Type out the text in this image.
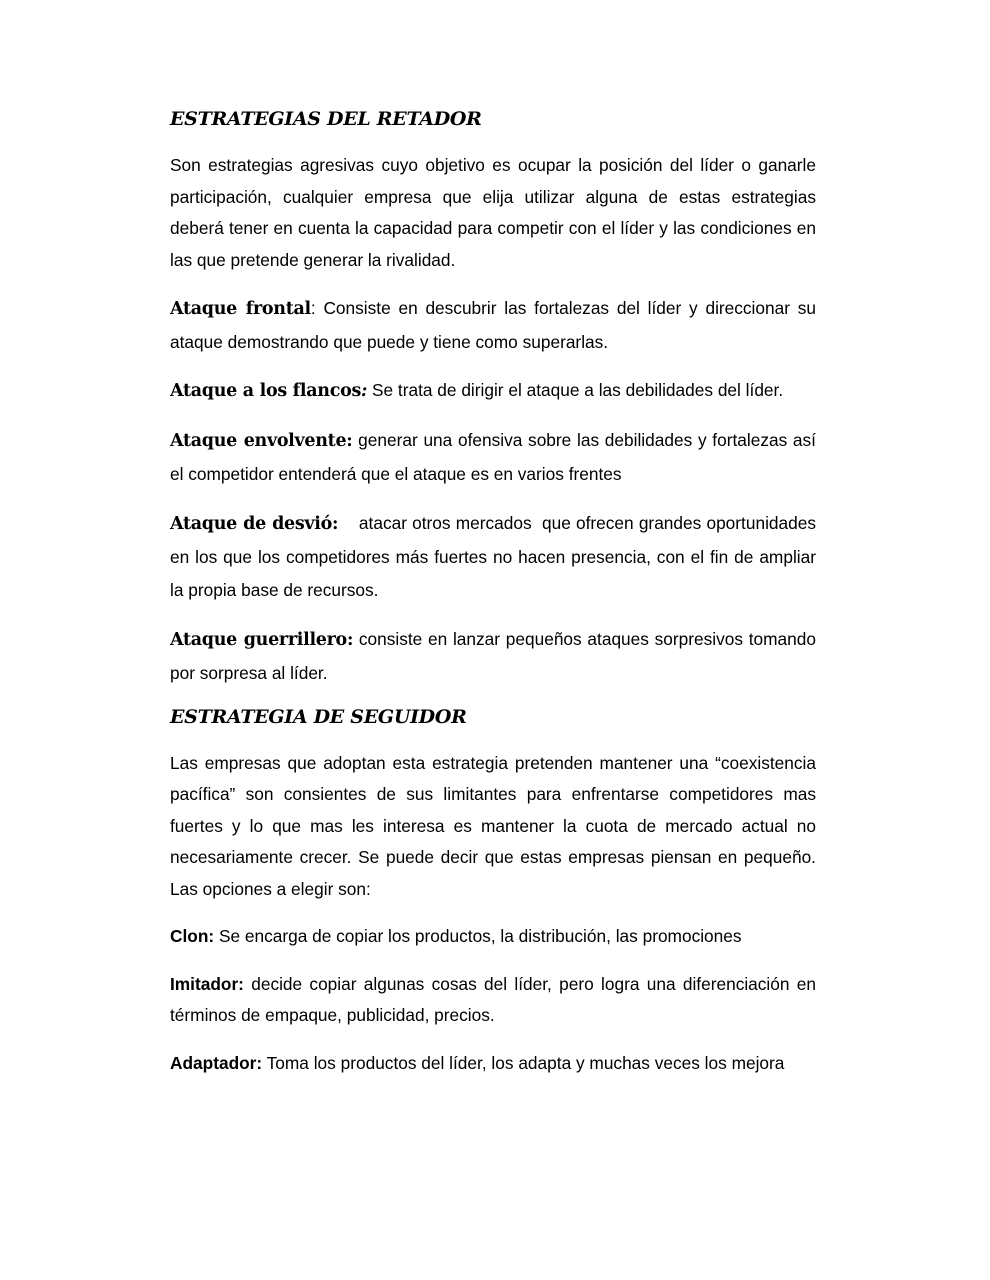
ESTRATEGIAS DEL RETADOR

Son estrategias agresivas cuyo objetivo es ocupar la posición del líder o ganarle participación, cualquier empresa que elija utilizar alguna de estas estrategias deberá tener en cuenta la capacidad para competir con el líder y las condiciones en las que pretende generar la rivalidad.

Ataque frontal: Consiste en descubrir las fortalezas del líder y direccionar su ataque demostrando que puede y tiene como superarlas.

Ataque a los flancos: Se trata de dirigir el ataque a las debilidades del líder.

Ataque envolvente: generar una ofensiva sobre las debilidades y fortalezas así el competidor entenderá que el ataque es en varios frentes

Ataque de desvió:    atacar otros mercados  que ofrecen grandes oportunidades en los que los competidores más fuertes no hacen presencia, con el fin de ampliar la propia base de recursos.

Ataque guerrillero: consiste en lanzar pequeños ataques sorpresivos tomando por sorpresa al líder.

ESTRATEGIA DE SEGUIDOR

Las empresas que adoptan esta estrategia pretenden mantener una “coexistencia pacífica” son consientes de sus limitantes para enfrentarse competidores mas fuertes y lo que mas les interesa es mantener la cuota de mercado actual no necesariamente crecer. Se puede decir que estas empresas piensan en pequeño. Las opciones a elegir son:

Clon: Se encarga de copiar los productos, la distribución, las promociones

Imitador: decide copiar algunas cosas del líder, pero logra una diferenciación en términos de empaque, publicidad, precios.

Adaptador: Toma los productos del líder, los adapta y muchas veces los mejora
